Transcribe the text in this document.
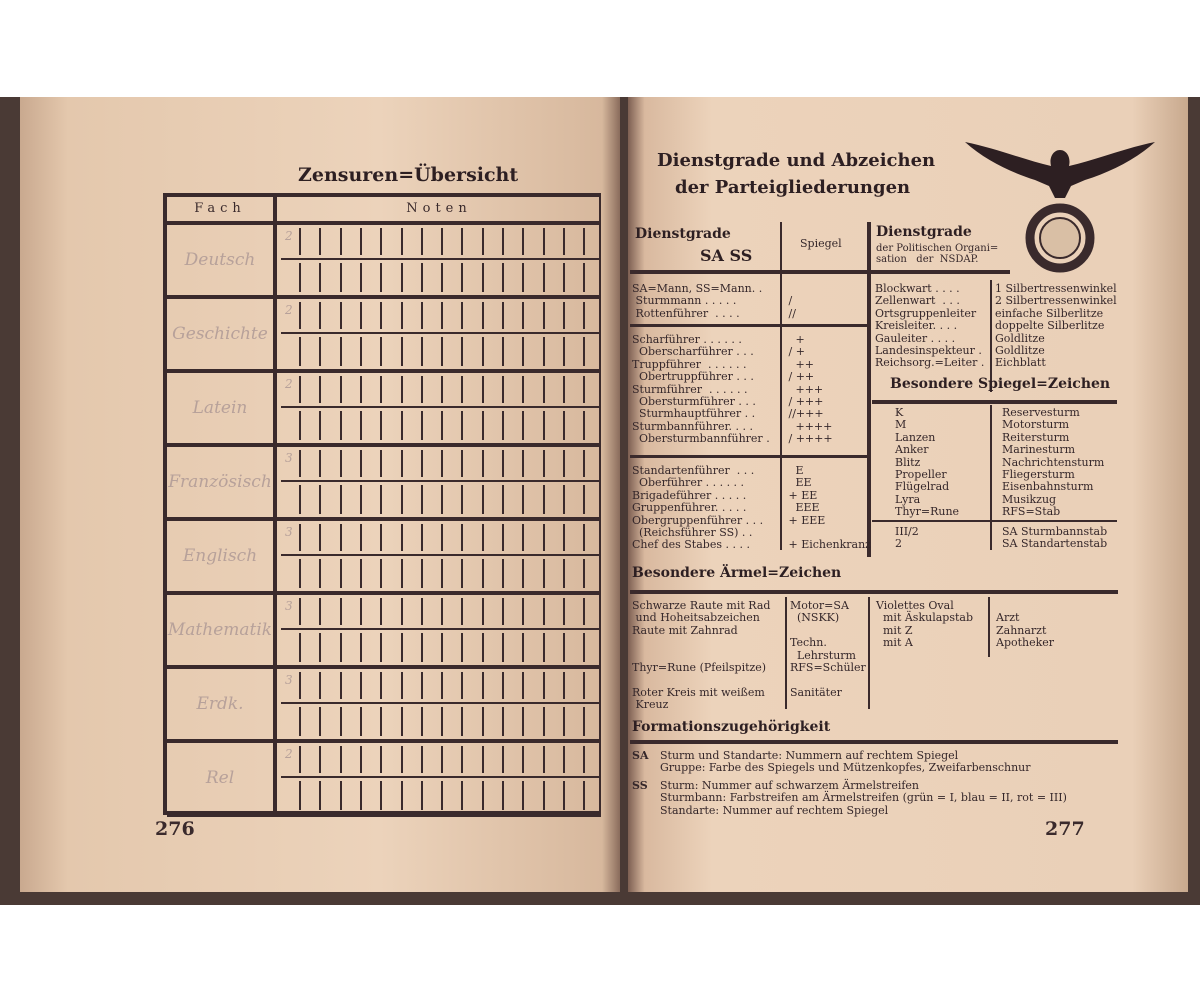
Zensuren=Übersicht
Fach	Noten
Deutsch
2
Geschichte
2
Latein
2
Französisch
3
Englisch
3
Mathematik
3
Erdk.
3
Rel
2
276
Dienstgrade und Abzeichen
der Parteigliederungen
Dienstgrade
SA SS
Spiegel
Dienstgrade
der Politischen Organi=
sation   der  NSDAP.
SA=Mann, SS=Mann. .
Sturmmann . . . . .
Rottenführer  . . . .

/
//
Scharführer . . . . . .
Oberscharführer . . .
Truppführer  . . . . . .
Obertruppführer . . .
Sturmführer  . . . . . .
Obersturmführer . . .
Sturmhauptführer . .
Sturmbannführer. . . .
Obersturmbannführer .
+
/ +
++
/ ++
+++
/ +++
//+++
++++
/ ++++
Standartenführer  . . .
Oberführer . . . . . .
Brigadeführer . . . . .
Gruppenführer. . . . .
Obergruppenführer . . .
(Reichsführer SS) . .
Chef des Stabes . . . .
E
EE
+ EE
EEE
+ EEE

+ Eichenkranz
Blockwart . . . .
Zellenwart  . . .
Ortsgruppenleiter
Kreisleiter. . . .
Gauleiter . . . .
Landesinspekteur .
Reichsorg.=Leiter .
1 Silbertressenwinkel
2 Silbertressenwinkel
einfache Silberlitze
doppelte Silberlitze
Goldlitze
Goldlitze
Eichblatt
Besondere Spiegel=Zeichen
K
M
Lanzen
Anker
Blitz
Propeller
Flügelrad
Lyra
Thyr=Rune
Reservesturm
Motorsturm
Reitersturm
Marinesturm
Nachrichtensturm
Fliegersturm
Eisenbahnsturm
Musikzug
RFS=Stab
III/2
2
SA Sturmbannstab
SA Standartenstab
Besondere Ärmel=Zeichen
Schwarze Raute mit Rad
und Hoheitsabzeichen
Raute mit Zahnrad

Thyr=Rune (Pfeilspitze)

Roter Kreis mit weißem
Kreuz
Motor=SA
(NSKK)

Techn.
Lehrsturm
RFS=Schüler

Sanitäter
Violettes Oval
mit Äskulapstab
mit Z
mit A

Arzt
Zahnarzt
Apotheker
Formationszugehörigkeit
SA Sturm und Standarte: Nummern auf rechtem Spiegel
Gruppe: Farbe des Spiegels und Mützenkopfes, Zweifarbenschnur
SS Sturm: Nummer auf schwarzem Ärmelstreifen
Sturmbann: Farbstreifen am Ärmelstreifen (grün = I, blau = II, rot = III)
Standarte: Nummer auf rechtem Spiegel
277
